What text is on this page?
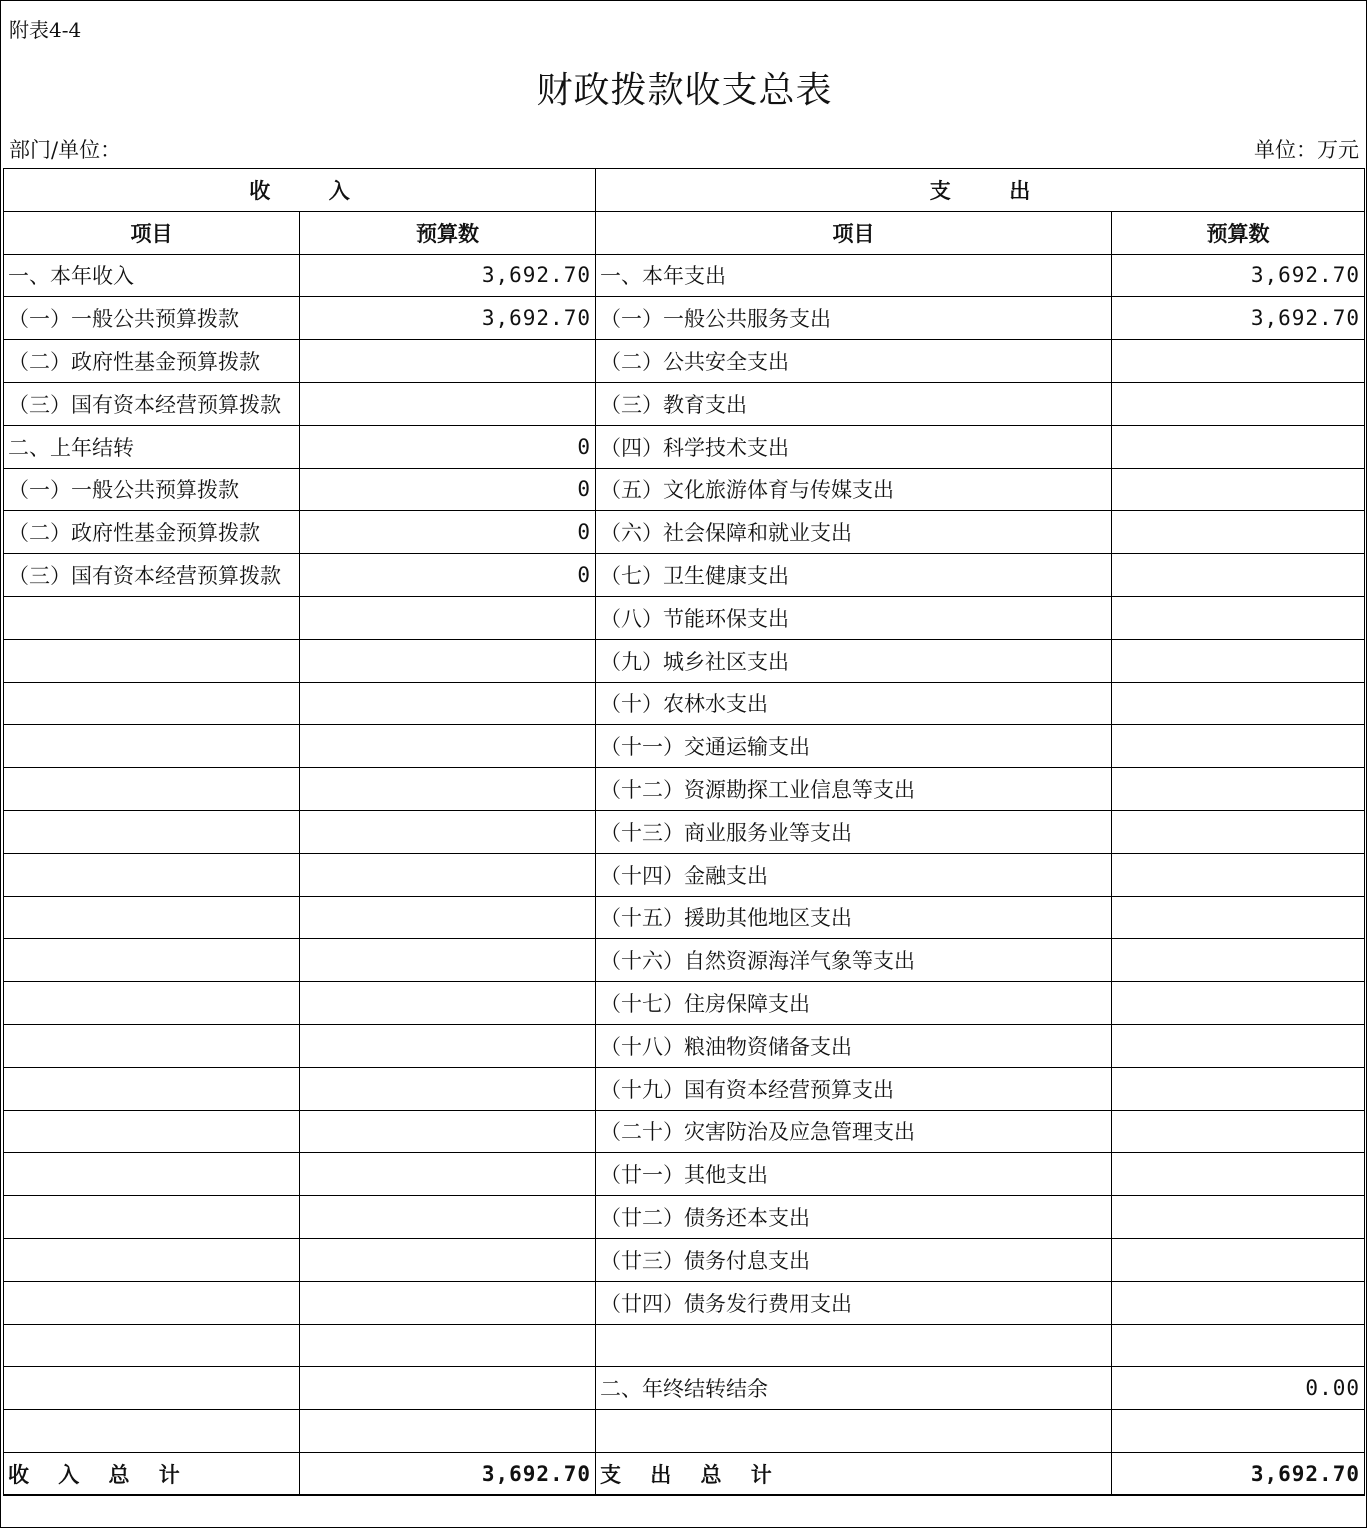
附表4-4
财政拨款收支总表
部门/单位：	单位：万元
收        入		支        出	
项目	预算数	项目	预算数
一、本年收入	3,692.70	一、本年支出	3,692.70
（一）一般公共预算拨款	3,692.70	（一）一般公共服务支出	3,692.70
（二）政府性基金预算拨款		（二）公共安全支出	
（三）国有资本经营预算拨款		（三）教育支出	
二、上年结转	0	（四）科学技术支出	
（一）一般公共预算拨款	0	（五）文化旅游体育与传媒支出	
（二）政府性基金预算拨款	0	（六）社会保障和就业支出	
（三）国有资本经营预算拨款	0	（七）卫生健康支出	
		（八）节能环保支出	
		（九）城乡社区支出	
		（十）农林水支出	
		（十一）交通运输支出	
		（十二）资源勘探工业信息等支出	
		（十三）商业服务业等支出	
		（十四）金融支出	
		（十五）援助其他地区支出	
		（十六）自然资源海洋气象等支出	
		（十七）住房保障支出	
		（十八）粮油物资储备支出	
		（十九）国有资本经营预算支出	
		（二十）灾害防治及应急管理支出	
		（廿一）其他支出	
		（廿二）债务还本支出	
		（廿三）债务付息支出	
		（廿四）债务发行费用支出	

		二、年终结转结余	0.00

收    入    总    计	3,692.70	支    出    总    计	3,692.70
